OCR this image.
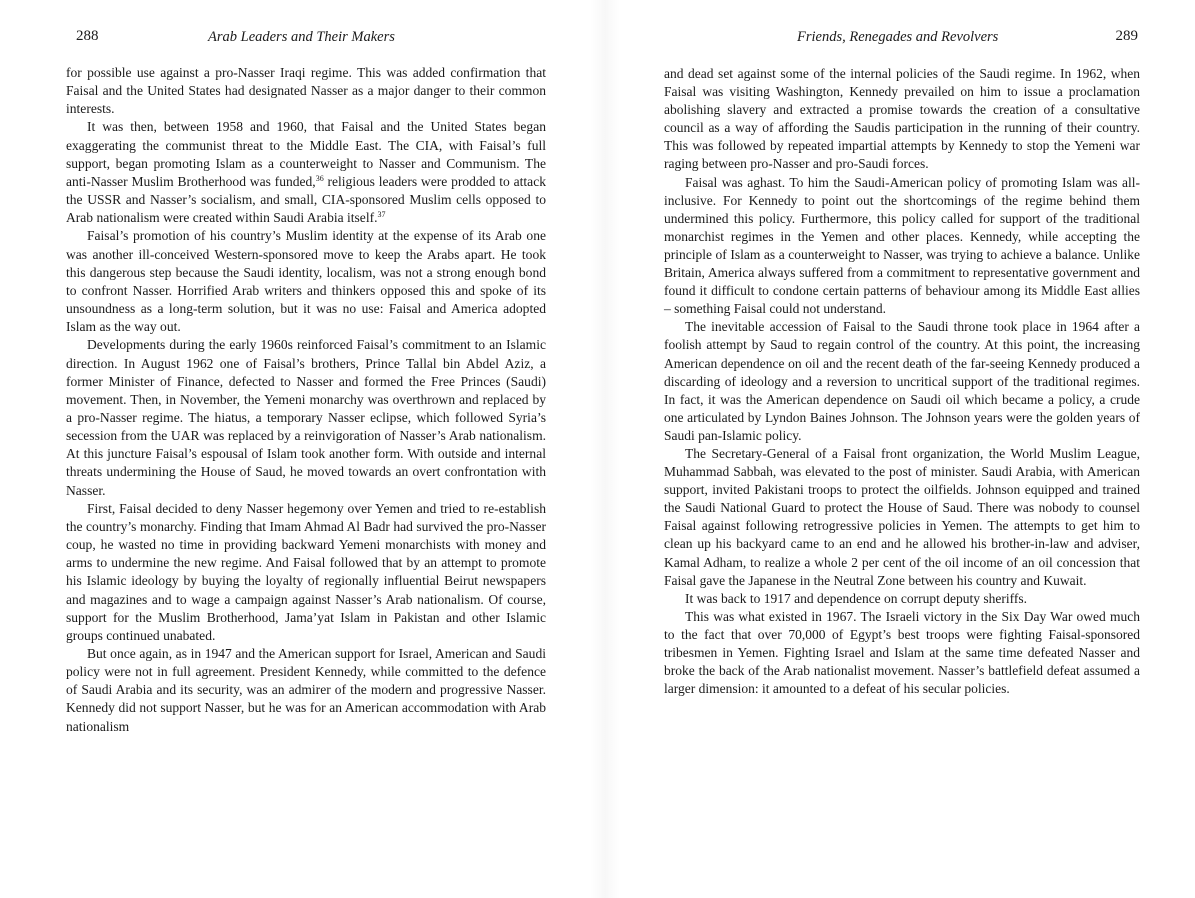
288	Arab Leaders and Their Makers

for possible use against a pro-Nasser Iraqi regime. This was added confirmation that Faisal and the United States had designated Nasser as a major danger to their common interests.

It was then, between 1958 and 1960, that Faisal and the United States began exaggerating the communist threat to the Middle East. The CIA, with Faisal’s full support, began promoting Islam as a counterweight to Nasser and Communism. The anti-Nasser Muslim Brotherhood was funded,$^{36}$ religious leaders were prodded to attack the USSR and Nasser’s socialism, and small, CIA-sponsored Muslim cells opposed to Arab nationalism were created within Saudi Arabia itself.$^{37}$

Faisal’s promotion of his country’s Muslim identity at the expense of its Arab one was another ill-conceived Western-sponsored move to keep the Arabs apart. He took this dangerous step because the Saudi identity, localism, was not a strong enough bond to confront Nasser. Horrified Arab writers and thinkers opposed this and spoke of its unsoundness as a long-term solution, but it was no use: Faisal and America adopted Islam as the way out.

Developments during the early 1960s reinforced Faisal’s commitment to an Islamic direction. In August 1962 one of Faisal’s brothers, Prince Tallal bin Abdel Aziz, a former Minister of Finance, defected to Nasser and formed the Free Princes (Saudi) movement. Then, in November, the Yemeni monarchy was overthrown and replaced by a pro-Nasser regime. The hiatus, a temporary Nasser eclipse, which followed Syria’s secession from the UAR was replaced by a reinvigoration of Nasser’s Arab nationalism. At this juncture Faisal’s espousal of Islam took another form. With outside and internal threats undermining the House of Saud, he moved towards an overt confrontation with Nasser.

First, Faisal decided to deny Nasser hegemony over Yemen and tried to re-establish the country’s monarchy. Finding that Imam Ahmad Al Badr had survived the pro-Nasser coup, he wasted no time in providing backward Yemeni monarchists with money and arms to undermine the new regime. And Faisal followed that by an attempt to promote his Islamic ideology by buying the loyalty of regionally influential Beirut newspapers and magazines and to wage a campaign against Nasser’s Arab nationalism. Of course, support for the Muslim Brotherhood, Jama’yat Islam in Pakistan and other Islamic groups continued unabated.

But once again, as in 1947 and the American support for Israel, American and Saudi policy were not in full agreement. President Kennedy, while committed to the defence of Saudi Arabia and its security, was an admirer of the modern and progressive Nasser. Kennedy did not support Nasser, but he was for an American accommodation with Arab nationalism

Friends, Renegades and Revolvers	289

and dead set against some of the internal policies of the Saudi regime. In 1962, when Faisal was visiting Washington, Kennedy prevailed on him to issue a proclamation abolishing slavery and extracted a promise towards the creation of a consultative council as a way of affording the Saudis participation in the running of their country. This was followed by repeated impartial attempts by Kennedy to stop the Yemeni war raging between pro-Nasser and pro-Saudi forces.

Faisal was aghast. To him the Saudi-American policy of promoting Islam was all-inclusive. For Kennedy to point out the shortcomings of the regime behind them undermined this policy. Furthermore, this policy called for support of the traditional monarchist regimes in the Yemen and other places. Kennedy, while accepting the principle of Islam as a counterweight to Nasser, was trying to achieve a balance. Unlike Britain, America always suffered from a commitment to representative government and found it difficult to condone certain patterns of behaviour among its Middle East allies – something Faisal could not understand.

The inevitable accession of Faisal to the Saudi throne took place in 1964 after a foolish attempt by Saud to regain control of the country. At this point, the increasing American dependence on oil and the recent death of the far-seeing Kennedy produced a discarding of ideology and a reversion to uncritical support of the traditional regimes. In fact, it was the American dependence on Saudi oil which became a policy, a crude one articulated by Lyndon Baines Johnson. The Johnson years were the golden years of Saudi pan-Islamic policy.

The Secretary-General of a Faisal front organization, the World Muslim League, Muhammad Sabbah, was elevated to the post of minister. Saudi Arabia, with American support, invited Pakistani troops to protect the oilfields. Johnson equipped and trained the Saudi National Guard to protect the House of Saud. There was nobody to counsel Faisal against following retrogressive policies in Yemen. The attempts to get him to clean up his backyard came to an end and he allowed his brother-in-law and adviser, Kamal Adham, to realize a whole 2 per cent of the oil income of an oil concession that Faisal gave the Japanese in the Neutral Zone between his country and Kuwait.

It was back to 1917 and dependence on corrupt deputy sheriffs.

This was what existed in 1967. The Israeli victory in the Six Day War owed much to the fact that over 70,000 of Egypt’s best troops were fighting Faisal-sponsored tribesmen in Yemen. Fighting Israel and Islam at the same time defeated Nasser and broke the back of the Arab nationalist movement. Nasser’s battlefield defeat assumed a larger dimension: it amounted to a defeat of his secular policies.
